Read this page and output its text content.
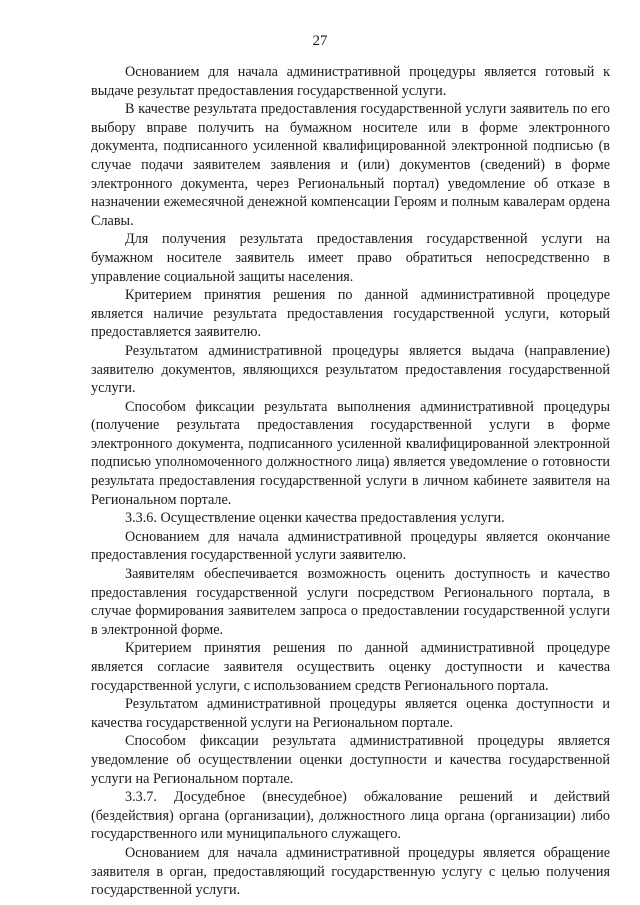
27

Основанием для начала административной процедуры является готовый к выдаче результат предоставления государственной услуги.

В качестве результата предоставления государственной услуги заявитель по его выбору вправе получить на бумажном носителе или в форме электронного документа, подписанного усиленной квалифицированной электронной подписью (в случае подачи заявителем заявления и (или) документов (сведений) в форме электронного документа, через Региональный портал) уведомление об отказе в назначении ежемесячной денежной компенсации Героям и полным кавалерам ордена Славы.

Для получения результата предоставления государственной услуги на бумажном носителе заявитель имеет право обратиться непосредственно в управление социальной защиты населения.

Критерием принятия решения по данной административной процедуре является наличие результата предоставления государственной услуги, который предоставляется заявителю.

Результатом административной процедуры является выдача (направление) заявителю документов, являющихся результатом предоставления государственной услуги.

Способом фиксации результата выполнения административной процедуры (получение результата предоставления государственной услуги в форме электронного документа, подписанного усиленной квалифицированной электронной подписью уполномоченного должностного лица) является уведомление о готовности результата предоставления государственной услуги в личном кабинете заявителя на Региональном портале.

3.3.6. Осуществление оценки качества предоставления услуги.

Основанием для начала административной процедуры является окончание предоставления государственной услуги заявителю.

Заявителям обеспечивается возможность оценить доступность и качество предоставления государственной услуги посредством Регионального портала, в случае формирования заявителем запроса о предоставлении государственной услуги в электронной форме.

Критерием принятия решения по данной административной процедуре является согласие заявителя осуществить оценку доступности и качества государственной услуги, с использованием средств Регионального портала.

Результатом административной процедуры является оценка доступности и качества государственной услуги на Региональном портале.

Способом фиксации результата административной процедуры является уведомление об осуществлении оценки доступности и качества государственной услуги на Региональном портале.

3.3.7. Досудебное (внесудебное) обжалование решений и действий (бездействия) органа (организации), должностного лица органа (организации) либо государственного или муниципального служащего.

Основанием для начала административной процедуры является обращение заявителя в орган, предоставляющий государственную услугу с целью получения государственной услуги.
